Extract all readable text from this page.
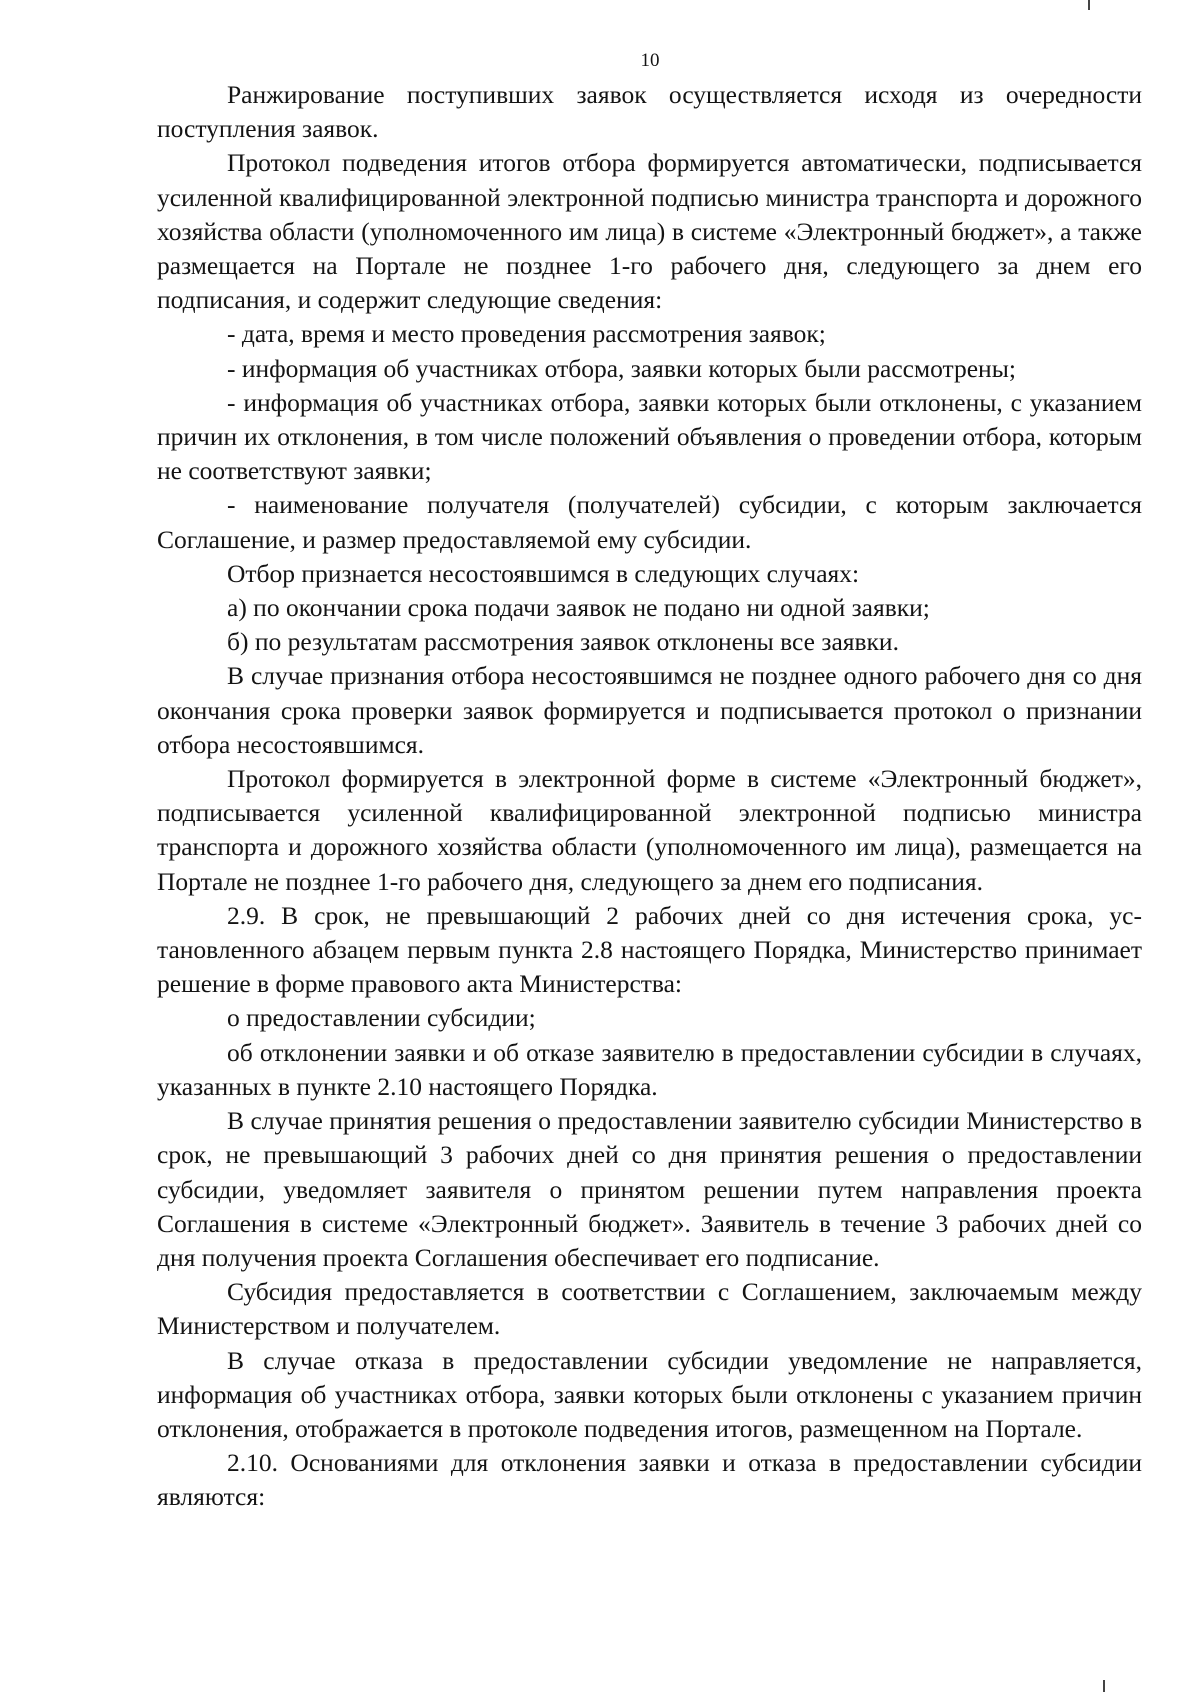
10

Ранжирование поступивших заявок осуществляется исходя из очередности поступления заявок.

Протокол подведения итогов отбора формируется автоматически, подписывается усиленной квалифицированной электронной подписью министра транспорта и дорожного хозяйства области (уполномоченного им лица) в системе «Электронный бюджет», а также размещается на Портале не позднее 1-го рабочего дня, следующего за днем его подписания, и содержит следующие сведения:

- дата, время и место проведения рассмотрения заявок;

- информация об участниках отбора, заявки которых были рассмотрены;

- информация об участниках отбора, заявки которых были отклонены, с указанием причин их отклонения, в том числе положений объявления о проведении отбора, которым не соответствуют заявки;

- наименование получателя (получателей) субсидии, с которым заключается Соглашение, и размер предоставляемой ему субсидии.

Отбор признается несостоявшимся в следующих случаях:

а) по окончании срока подачи заявок не подано ни одной заявки;

б) по результатам рассмотрения заявок отклонены все заявки.

В случае признания отбора несостоявшимся не позднее одного рабочего дня со дня окончания срока проверки заявок формируется и подписывается протокол о признании отбора несостоявшимся.

Протокол формируется в электронной форме в системе «Электронный бюджет», подписывается усиленной квалифицированной электронной подписью министра транспорта и дорожного хозяйства области (уполномоченного им лица), размещается на Портале не позднее 1-го рабочего дня, следующего за днем его подписания.

2.9. В срок, не превышающий 2 рабочих дней со дня истечения срока, установленного абзацем первым пункта 2.8 настоящего Порядка, Министерство принимает решение в форме правового акта Министерства:

о предоставлении субсидии;

об отклонении заявки и об отказе заявителю в предоставлении субсидии в случаях, указанных в пункте 2.10 настоящего Порядка.

В случае принятия решения о предоставлении заявителю субсидии Министерство в срок, не превышающий 3 рабочих дней со дня принятия решения о предоставлении субсидии, уведомляет заявителя о принятом решении путем направления проекта Соглашения в системе «Электронный бюджет». Заявитель в течение 3 рабочих дней со дня получения проекта Соглашения обеспечивает его подписание.

Субсидия предоставляется в соответствии с Соглашением, заключаемым между Министерством и получателем.

В случае отказа в предоставлении субсидии уведомление не направляется, информация об участниках отбора, заявки которых были отклонены с указанием причин отклонения, отображается в протоколе подведения итогов, размещенном на Портале.

2.10. Основаниями для отклонения заявки и отказа в предоставлении субсидии являются:
